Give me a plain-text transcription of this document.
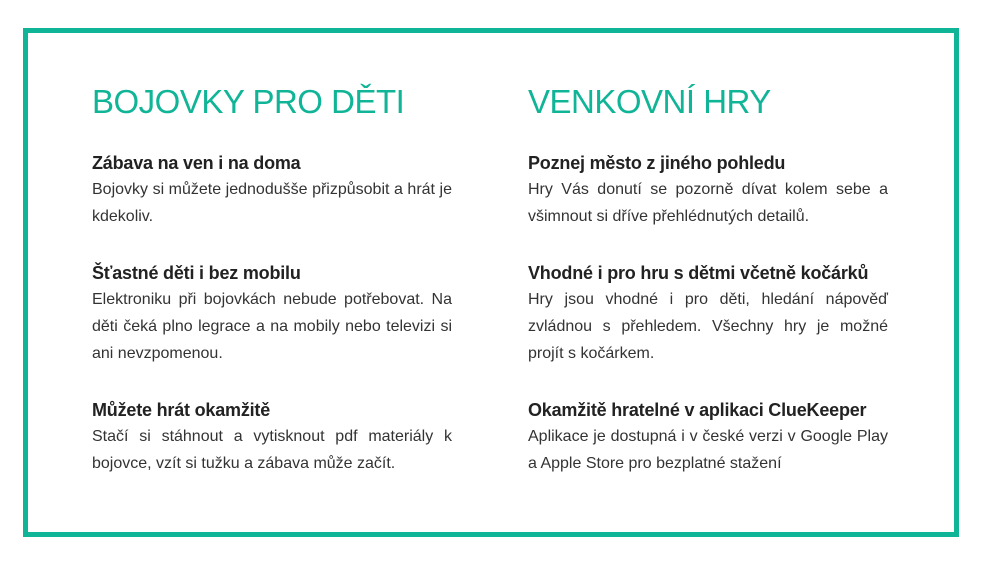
BOJOVKY PRO DĚTI
Zábava na ven i na doma
Bojovky si můžete jednodušše přizpůsobit a hrát je kdekoliv.
Šťastné děti i bez mobilu
Elektroniku při bojovkách nebude potřebovat. Na děti čeká plno legrace a na mobily nebo televizi si ani nevzpomenou.
Můžete hrát okamžitě
Stačí si stáhnout a vytisknout pdf materiály k bojovce, vzít si tužku a zábava může začít.
VENKOVNÍ HRY
Poznej město z jiného pohledu
Hry Vás donutí se pozorně dívat kolem sebe a všimnout si dříve přehlédnutých detailů.
Vhodné i pro hru s dětmi včetně kočárků
Hry jsou vhodné i pro děti, hledání nápověď zvládnou s přehledem. Všechny hry je možné projít s kočárkem.
Okamžitě hratelné v aplikaci ClueKeeper
Aplikace je dostupná i v české verzi v Google Play a Apple Store pro bezplatné stažení
